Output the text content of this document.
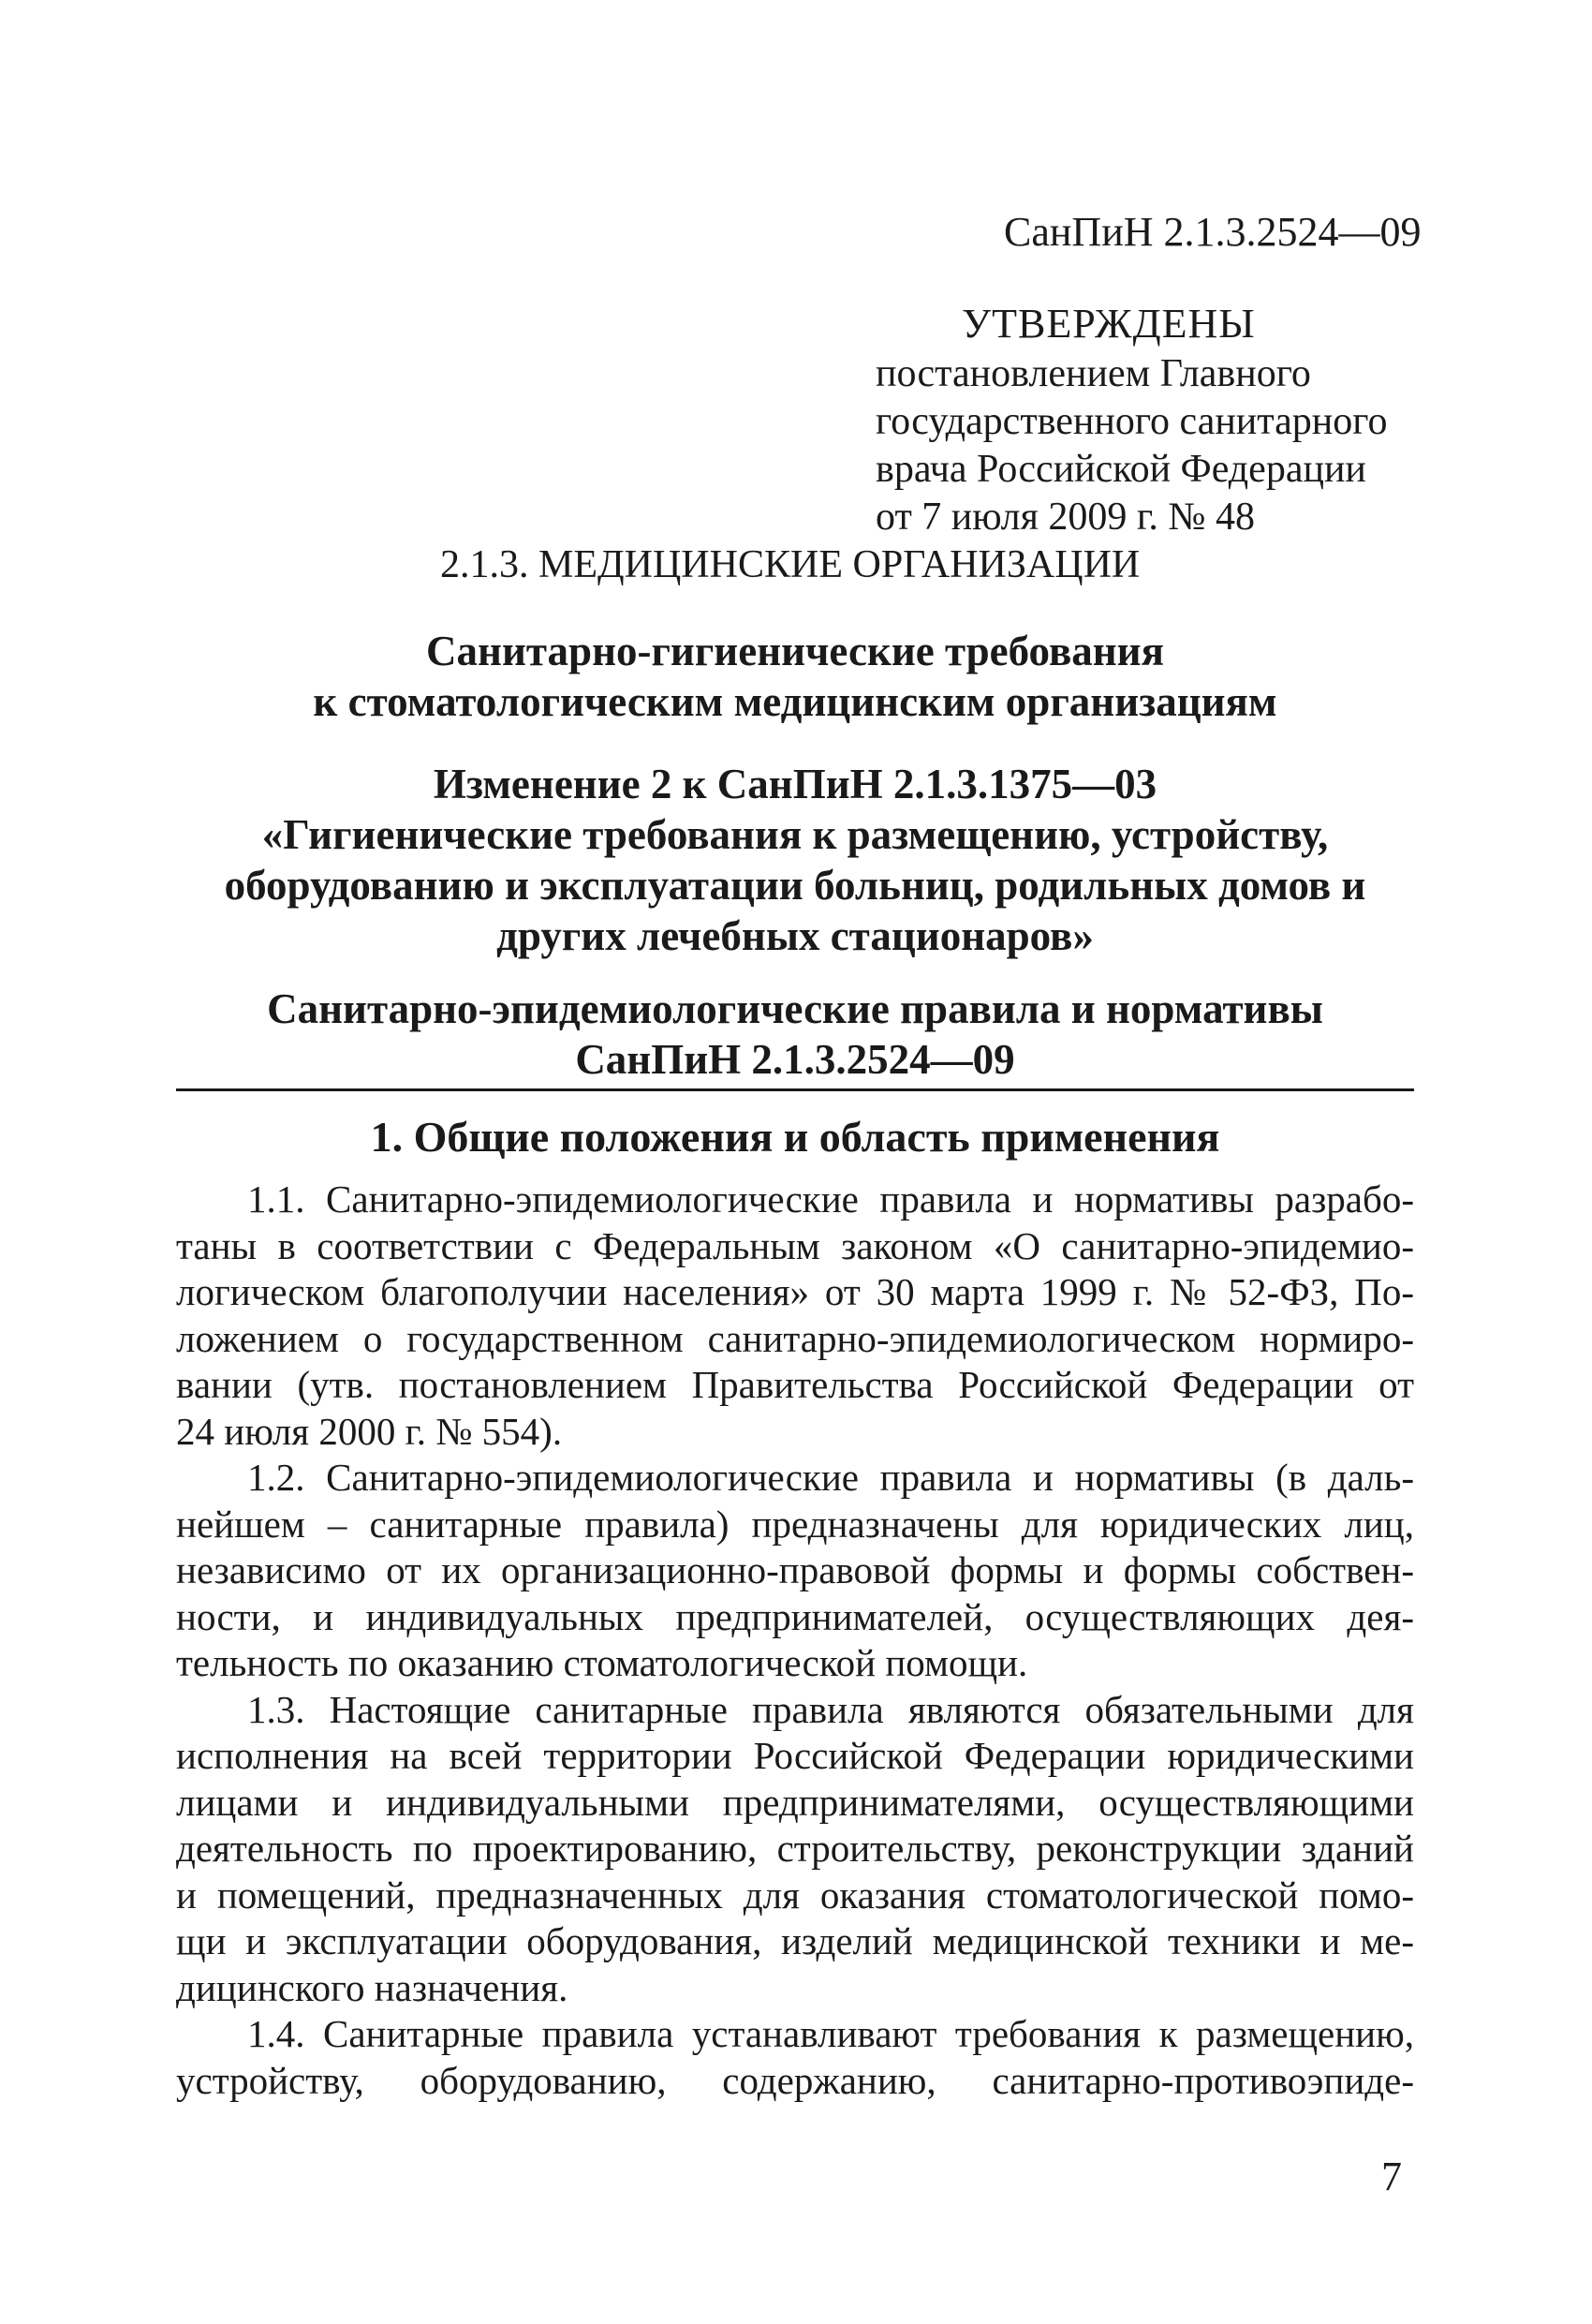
СанПиН 2.1.3.2524—09
УТВЕРЖДЕНЫ
постановлением Главного
государственного санитарного
врача Российской Федерации
от 7 июля 2009 г. № 48
2.1.3. МЕДИЦИНСКИЕ ОРГАНИЗАЦИИ
Санитарно-гигиенические требования
к стоматологическим медицинским организациям
Изменение 2 к СанПиН 2.1.3.1375—03
«Гигиенические требования к размещению, устройству,
оборудованию и эксплуатации больниц, родильных домов и
других лечебных стационаров»
Санитарно-эпидемиологические правила и нормативы
СанПиН 2.1.3.2524—09
1. Общие положения и область применения
1.1. Санитарно-эпидемиологические правила и нормативы разрабо-
таны в соответствии с Федеральным законом «О санитарно-эпидемио-
логическом благополучии населения» от 30 марта 1999 г. № 52-ФЗ, По-
ложением о государственном санитарно-эпидемиологическом нормиро-
вании (утв. постановлением Правительства Российской Федерации от
24 июля 2000 г. № 554).
1.2. Санитарно-эпидемиологические правила и нормативы (в даль-
нейшем – санитарные правила) предназначены для юридических лиц,
независимо от их организационно-правовой формы и формы собствен-
ности, и индивидуальных предпринимателей, осуществляющих дея-
тельность по оказанию стоматологической помощи.
1.3. Настоящие санитарные правила являются обязательными для
исполнения на всей территории Российской Федерации юридическими
лицами и индивидуальными предпринимателями, осуществляющими
деятельность по проектированию, строительству, реконструкции зданий
и помещений, предназначенных для оказания стоматологической помо-
щи и эксплуатации оборудования, изделий медицинской техники и ме-
дицинского назначения.
1.4. Санитарные правила устанавливают требования к размещению,
устройству, оборудованию, содержанию, санитарно-противоэпиде-
7
